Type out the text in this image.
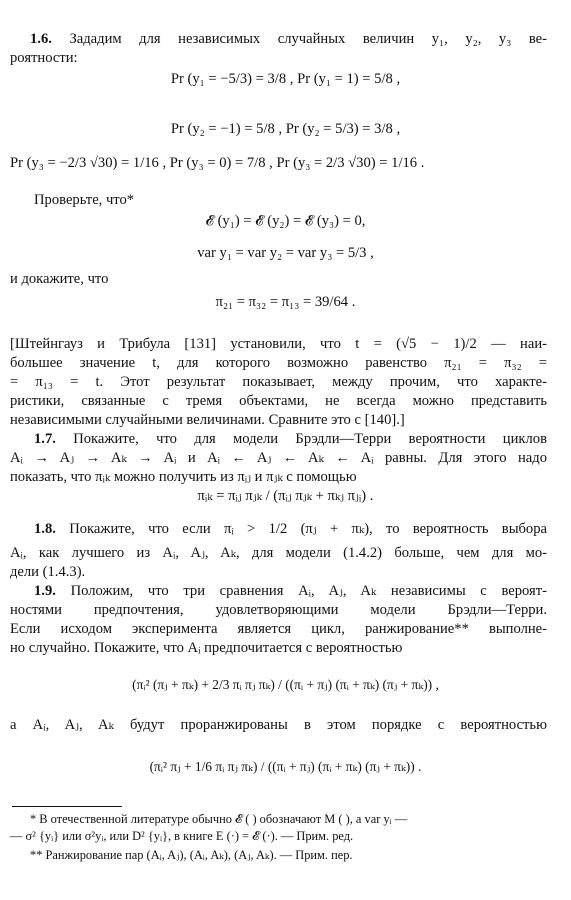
1.6. Зададим для независимых случайных величин y₁, y₂, y₃ ве-
роятности:
Pr (y₁ = −5/3) = 3/8 , Pr (y₁ = 1) = 5/8 ,
Pr (y₂ = −1) = 5/8 , Pr (y₂ = 5/3) = 3/8 ,
Pr (y₃ = −2/3 √30) = 1/16 , Pr (y₃ = 0) = 7/8 , Pr (y₃ = 2/3 √30) = 1/16 .
Проверьте, что*
𝓔 (y₁) = 𝓔 (y₂) = 𝓔 (y₃) = 0,
var y₁ = var y₂ = var y₃ = 5/3 ,
и докажите, что
π₂₁ = π₃₂ = π₁₃ = 39/64 .
[Штейнгауз и Трибула [131] установили, что t = (√5 − 1)/2 — наи-
большее значение t, для которого возможно равенство π₂₁ = π₃₂ =
= π₁₃ = t. Этот результат показывает, между прочим, что характе-
ристики, связанные с тремя объектами, не всегда можно представить
независимыми случайными величинами. Сравните это с [140].]
1.7. Покажите, что для модели Брэдли—Терри вероятности циклов
Aᵢ → Aⱼ → Aₖ → Aᵢ и Aᵢ ← Aⱼ ← Aₖ ← Aᵢ равны. Для этого надо
показать, что πᵢₖ можно получить из πᵢⱼ и πⱼₖ с помощью
πᵢₖ = πᵢⱼ πⱼₖ / (πᵢⱼ πⱼₖ + πₖⱼ πⱼᵢ) .
1.8. Покажите, что если πᵢ > 1/2 (πⱼ + πₖ), то вероятность выбора
Aᵢ, как лучшего из Aᵢ, Aⱼ, Aₖ, для модели (1.4.2) больше, чем для мо-
дели (1.4.3).
1.9. Положим, что три сравнения Aᵢ, Aⱼ, Aₖ независимы с вероят-
ностями предпочтения, удовлетворяющими модели Брэдли—Терри.
Если исходом эксперимента является цикл, ранжирование** выполне-
но случайно. Покажите, что Aᵢ предпочитается с вероятностью
(πᵢ² (πⱼ + πₖ) + 2/3 πᵢ πⱼ πₖ) / ((πᵢ + πⱼ) (πᵢ + πₖ) (πⱼ + πₖ)) ,
а Aᵢ, Aⱼ, Aₖ будут проранжированы в этом порядке с вероятностью
(πᵢ² πⱼ + 1/6 πᵢ πⱼ πₖ) / ((πᵢ + πⱼ) (πᵢ + πₖ) (πⱼ + πₖ)) .
* В отечественной литературе обычно 𝓔 ( ) обозначают M ( ), а var yᵢ —
— σ² {yᵢ} или σ²yᵢ, или D² {yᵢ}, в книге E (·) = 𝓔 (·). — Прим. ред.
** Ранжирование пар (Aᵢ, Aⱼ), (Aᵢ, Aₖ), (Aⱼ, Aₖ). — Прим. пер.
